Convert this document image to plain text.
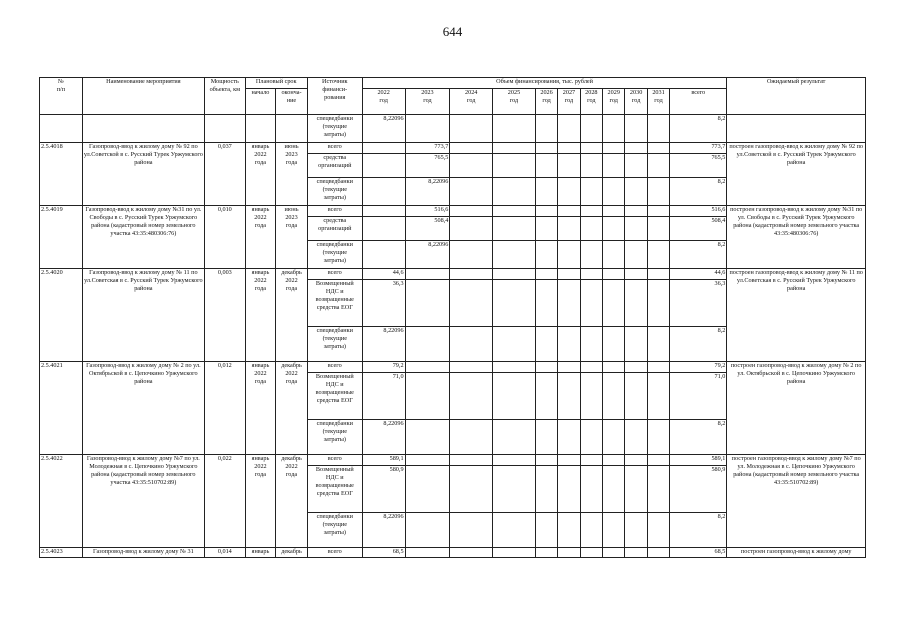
644
№
п/п	Наименование мероприятия	Мощность объекта, км	Плановый срок		Источник
финанси-
рования	Объем финансирования, тыс. рублей											Ожидаемый результат
			начало	оконча-
ние		2022
год	2023
год	2024
год	2025
год	2026
год	2027
год	2028
год	2029
год	2030
год	2031
год	всего	
					спецведбанки
(текущие
затраты)	8,22096										8,2	
2.5.4018	Газопровод-ввод к жилому дому № 92 по ул.Советской в с. Русский Турек Уржумского района	0,037	январь
2022
года	июнь
2023
года	всего		773,7									773,7	построен газопровод-ввод к жилому дому № 92 по ул.Советской в с. Русский Турек Уржумского района
					средства
организаций		765,5									765,5	
					спецведбанки
(текущие
затраты)		8,22096									8,2	
2.5.4019	Газопровод-ввод к жилому дому №31 по ул. Свободы в с. Русский Турек Уржумского района (кадастровый номер земельного участка 43:35:480306:76)	0,010	январь
2022
года	июнь
2023
года	всего		516,6									516,6	построен газопровод-ввод к жилому дому №31 по ул. Свободы в с. Русский Турек Уржумского района (кадастровый номер земельного участка 43:35:480306:76)
					средства
организаций		508,4									508,4	
					спецведбанки
(текущие
затраты)		8,22096									8,2	
2.5.4020	Газопровод-ввод к жилому дому № 11 по ул.Советская в с. Русский Турек Уржумского района	0,003	январь
2022
года	декабрь
2022
года	всего	44,6										44,6	построен газопровод-ввод к жилому дому № 11 по ул.Советская в с. Русский Турек Уржумского района
					Возмещенный
НДС и
возвращенные
средства ЕОГ	36,3										36,3	
					спецведбанки
(текущие
затраты)	8,22096										8,2	
2.5.4021	Газопровод-ввод к жилому дому № 2 по ул. Октябрьской в с. Цепочкино Уржумского района	0,012	январь
2022
года	декабрь
2022
года	всего	79,2										79,2	построен газопровод-ввод к жилому дому № 2 по ул. Октябрьской в с. Цепочкино Уржумского района
					Возмещенный
НДС и
возвращенные
средства ЕОГ	71,0										71,0	
					спецведбанки
(текущие
затраты)	8,22096										8,2	
2.5.4022	Газопровод-ввод к жилому дому №7 по ул. Молодежная в с. Цепочкино Уржумского района (кадастровый номер земельного участка 43:35:510702:89)	0,022	январь
2022
года	декабрь
2022
года	всего	589,1										589,1	построен газопровод-ввод к жилому дому №7 по ул. Молодежная в с. Цепочкино Уржумского района (кадастровый номер земельного участка 43:35:510702:89)
					Возмещенный
НДС и
возвращенные
средства ЕОГ	580,9										580,9	
					спецведбанки
(текущие
затраты)	8,22096										8,2	
2.5.4023	Газопровод-ввод к жилому дому № 31	0,014	январь	декабрь	всего	68,5										68,5	построен газопровод-ввод к жилому дому
